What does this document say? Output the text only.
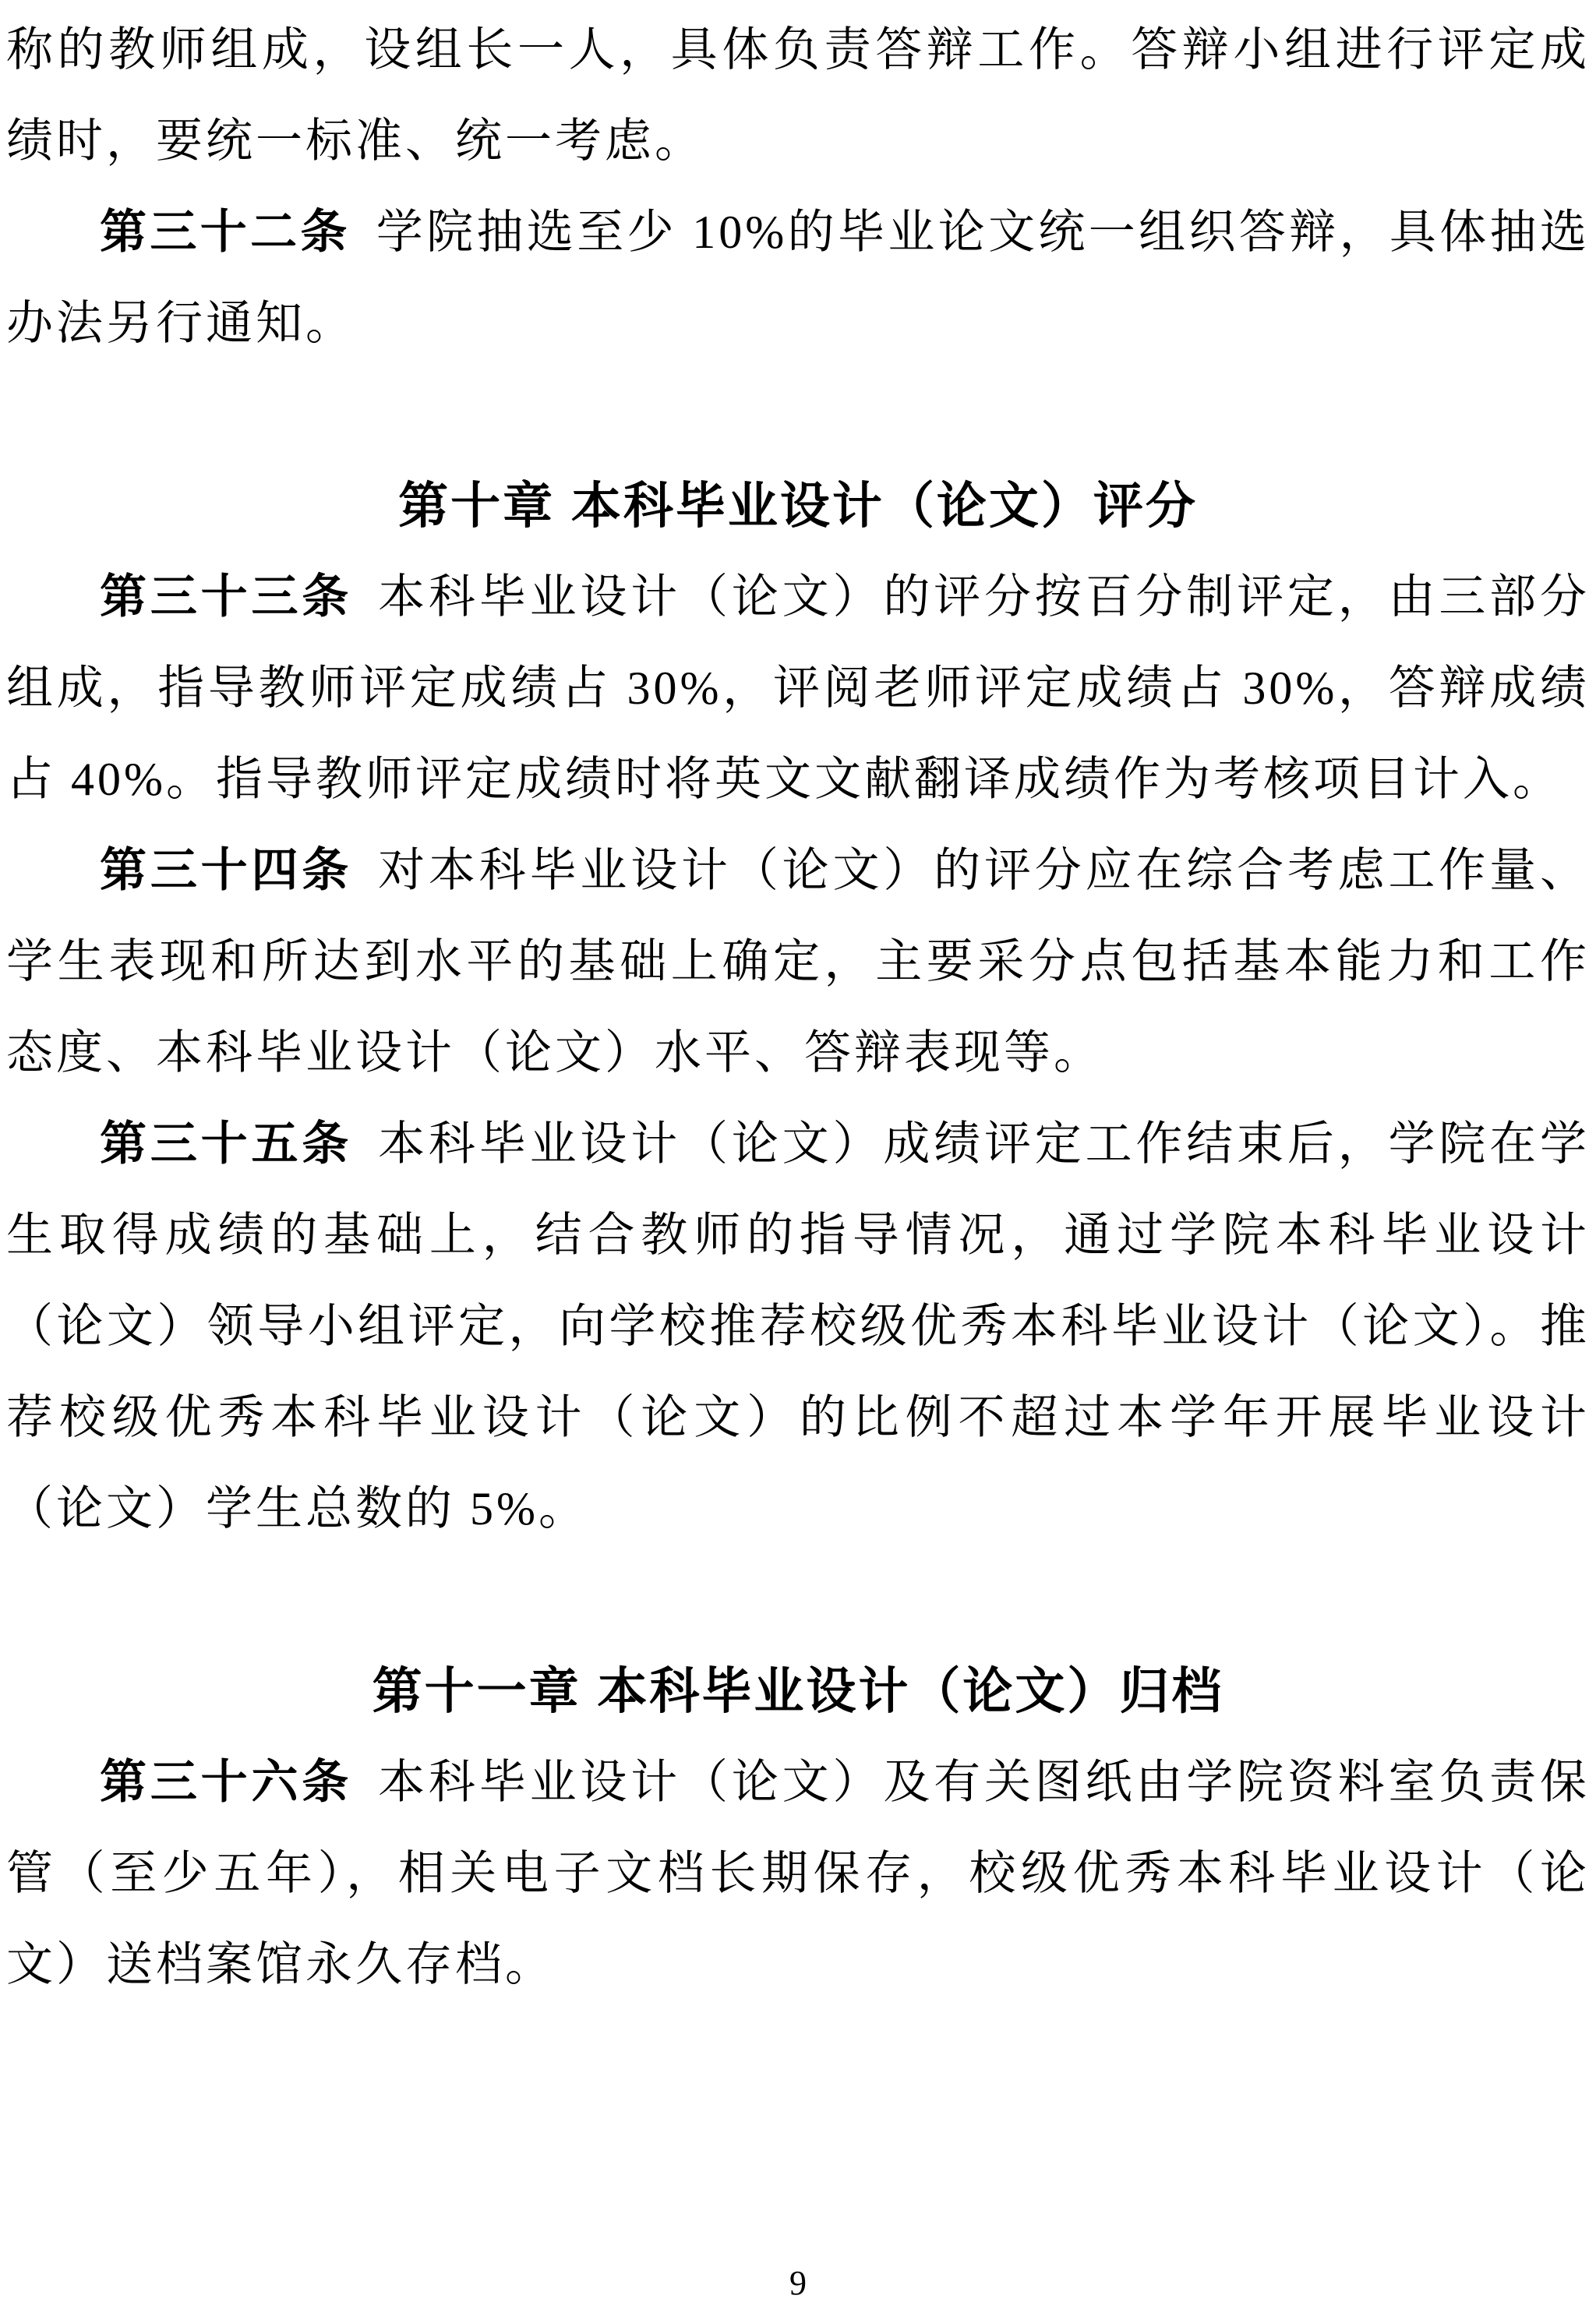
称的教师组成，设组长一人，具体负责答辩工作。答辩小组进行评定成绩时，要统一标准、统一考虑。

第三十二条 学院抽选至少 10%的毕业论文统一组织答辩，具体抽选办法另行通知。

第十章 本科毕业设计（论文）评分

第三十三条 本科毕业设计（论文）的评分按百分制评定，由三部分组成，指导教师评定成绩占 30%，评阅老师评定成绩占 30%，答辩成绩占 40%。指导教师评定成绩时将英文文献翻译成绩作为考核项目计入。

第三十四条 对本科毕业设计（论文）的评分应在综合考虑工作量、学生表现和所达到水平的基础上确定，主要采分点包括基本能力和工作态度、本科毕业设计（论文）水平、答辩表现等。

第三十五条 本科毕业设计（论文）成绩评定工作结束后，学院在学生取得成绩的基础上，结合教师的指导情况，通过学院本科毕业设计（论文）领导小组评定，向学校推荐校级优秀本科毕业设计（论文）。推荐校级优秀本科毕业设计（论文）的比例不超过本学年开展毕业设计（论文）学生总数的 5%。

第十一章 本科毕业设计（论文）归档

第三十六条 本科毕业设计（论文）及有关图纸由学院资料室负责保管（至少五年），相关电子文档长期保存，校级优秀本科毕业设计（论文）送档案馆永久存档。

9
